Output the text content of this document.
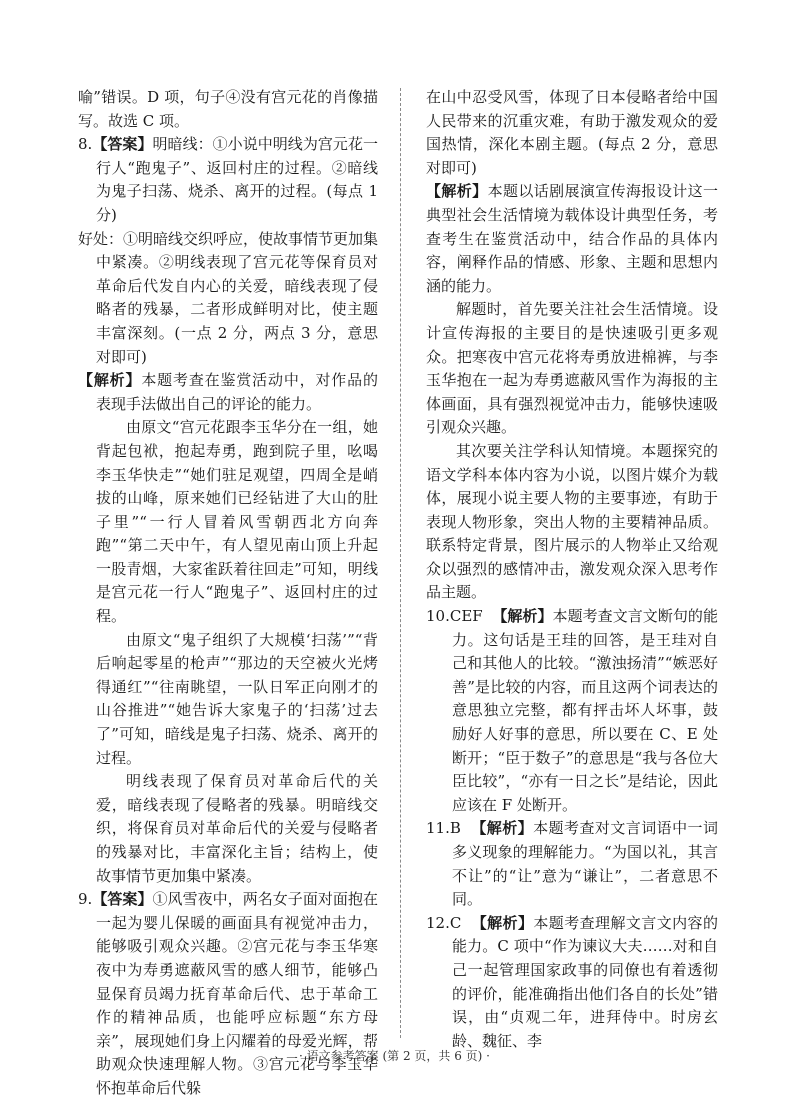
喻”错误。D 项，句子④没有宫元花的肖像描写。故选 C 项。

8.【答案】明暗线：①小说中明线为宫元花一行人“跑鬼子”、返回村庄的过程。②暗线为鬼子扫荡、烧杀、离开的过程。(每点 1 分)

好处：①明暗线交织呼应，使故事情节更加集中紧凑。②明线表现了宫元花等保育员对革命后代发自内心的关爱，暗线表现了侵略者的残暴，二者形成鲜明对比，使主题丰富深刻。(一点 2 分，两点 3 分，意思对即可)

【解析】本题考查在鉴赏活动中，对作品的表现手法做出自己的评论的能力。

由原文“宫元花跟李玉华分在一组，她背起包袱，抱起寿勇，跑到院子里，吆喝李玉华快走”“她们驻足观望，四周全是峭拔的山峰，原来她们已经钻进了大山的肚子里”“一行人冒着风雪朝西北方向奔跑”“第二天中午，有人望见南山顶上升起一股青烟，大家雀跃着往回走”可知，明线是宫元花一行人“跑鬼子”、返回村庄的过程。

由原文“鬼子组织了大规模‘扫荡’”“背后响起零星的枪声”“那边的天空被火光烤得通红”“往南眺望，一队日军正向刚才的山谷推进”“她告诉大家鬼子的‘扫荡’过去了”可知，暗线是鬼子扫荡、烧杀、离开的过程。

明线表现了保育员对革命后代的关爱，暗线表现了侵略者的残暴。明暗线交织，将保育员对革命后代的关爱与侵略者的残暴对比，丰富深化主旨；结构上，使故事情节更加集中紧凑。

9.【答案】①风雪夜中，两名女子面对面抱在一起为婴儿保暖的画面具有视觉冲击力，能够吸引观众兴趣。②宫元花与李玉华寒夜中为寿勇遮蔽风雪的感人细节，能够凸显保育员竭力抚育革命后代、忠于革命工作的精神品质，也能呼应标题“东方母亲”，展现她们身上闪耀着的母爱光辉，帮助观众快速理解人物。③宫元花与李玉华怀抱革命后代躲

在山中忍受风雪，体现了日本侵略者给中国人民带来的沉重灾难，有助于激发观众的爱国热情，深化本剧主题。(每点 2 分，意思对即可)

【解析】本题以话剧展演宣传海报设计这一典型社会生活情境为载体设计典型任务，考查考生在鉴赏活动中，结合作品的具体内容，阐释作品的情感、形象、主题和思想内涵的能力。

解题时，首先要关注社会生活情境。设计宣传海报的主要目的是快速吸引更多观众。把寒夜中宫元花将寿勇放进棉裤，与李玉华抱在一起为寿勇遮蔽风雪作为海报的主体画面，具有强烈视觉冲击力，能够快速吸引观众兴趣。

其次要关注学科认知情境。本题探究的语文学科本体内容为小说，以图片媒介为载体，展现小说主要人物的主要事迹，有助于表现人物形象，突出人物的主要精神品质。联系特定背景，图片展示的人物举止又给观众以强烈的感情冲击，激发观众深入思考作品主题。

10.CEF 【解析】本题考查文言文断句的能力。这句话是王珪的回答，是王珪对自己和其他人的比较。“激浊扬清”“嫉恶好善”是比较的内容，而且这两个词表达的意思独立完整，都有抨击坏人坏事，鼓励好人好事的意思，所以要在 C、E 处断开；“臣于数子”的意思是“我与各位大臣比较”，“亦有一日之长”是结论，因此应该在 F 处断开。

11.B 【解析】本题考查对文言词语中一词多义现象的理解能力。“为国以礼，其言不让”的“让”意为“谦让”，二者意思不同。

12.C 【解析】本题考查理解文言文内容的能力。C 项中“作为谏议大夫……对和自己一起管理国家政事的同僚也有着透彻的评价，能准确指出他们各自的长处”错误，由“贞观二年，进拜侍中。时房玄龄、魏征、李

· 语文参考答案 (第 2 页，共 6 页) ·
